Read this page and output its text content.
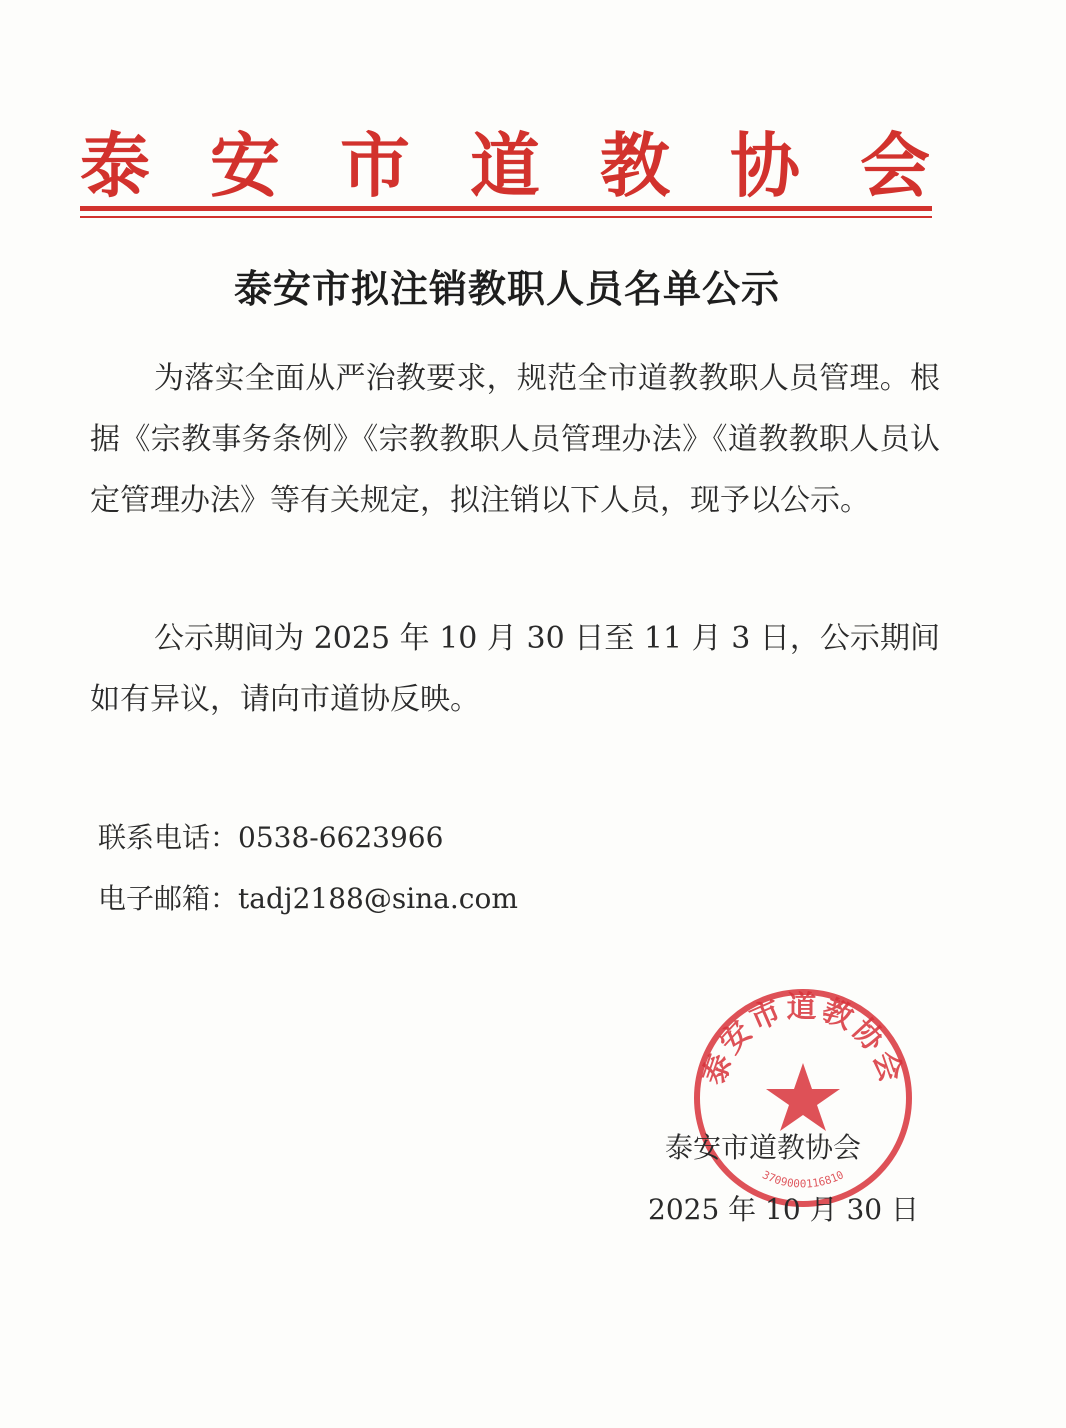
泰 安 市 道 教 协 会
泰安市拟注销教职人员名单公示
为落实全面从严治教要求，规范全市道教教职人员管理。根据《宗教事务条例》《宗教教职人员管理办法》《道教教职人员认定管理办法》等有关规定，拟注销以下人员，现予以公示。
公示期间为 2025 年 10 月 30 日至 11 月 3 日，公示期间如有异议，请向市道协反映。
联系电话：0538-6623966
电子邮箱：tadj2188@sina.com
泰安市道教协会
3709000116810
泰安市道教协会
2025 年 10 月 30 日
